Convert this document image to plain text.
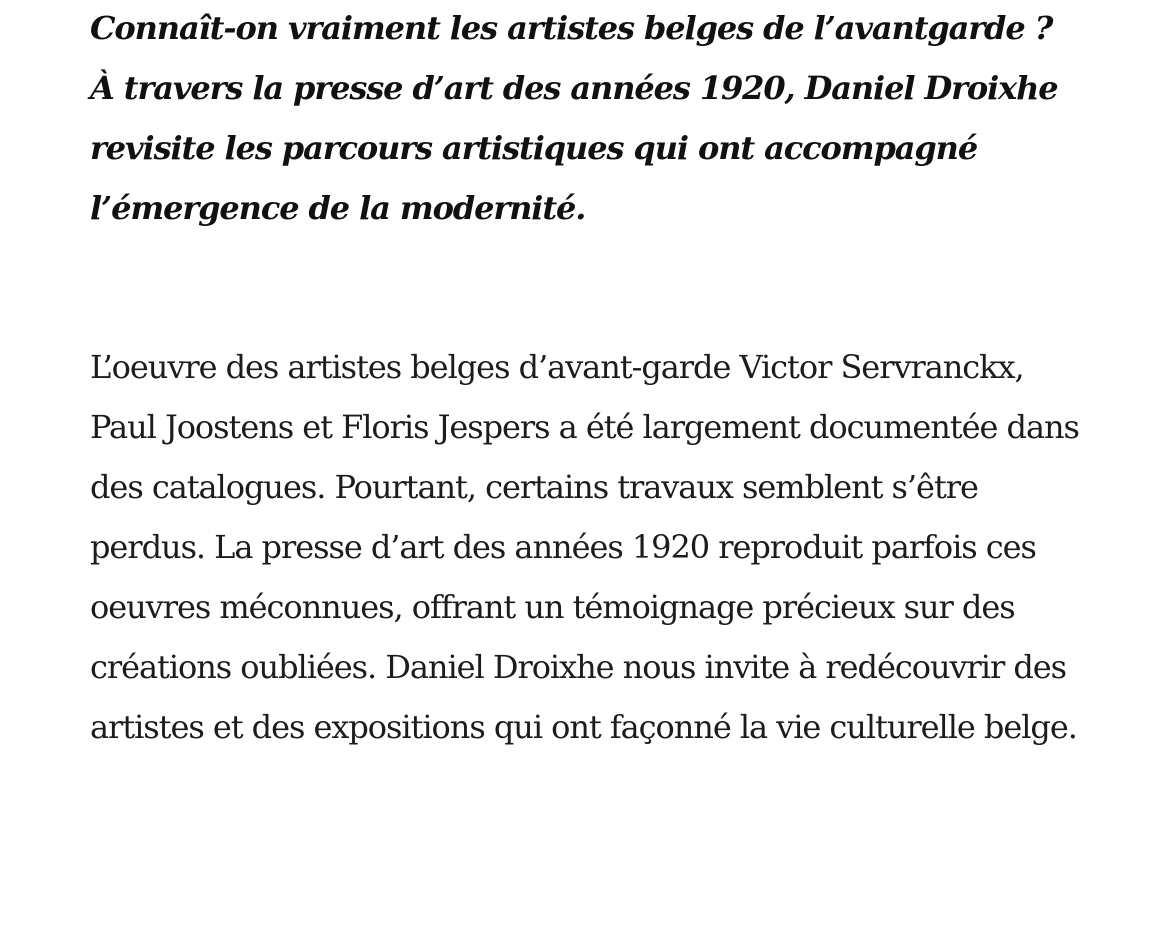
Connaît-on vraiment les artistes belges de l’avantgarde ? À travers la presse d’art des années 1920, Daniel Droixhe revisite les parcours artistiques qui ont accompagné l’émergence de la modernité.

L’oeuvre des artistes belges d’avant-garde Victor Servranckx, Paul Joostens et Floris Jespers a été largement documentée dans des catalogues. Pourtant, certains travaux semblent s’être perdus. La presse d’art des années 1920 reproduit parfois ces oeuvres méconnues, offrant un témoignage précieux sur des créations oubliées. Daniel Droixhe nous invite à redécouvrir des artistes et des expositions qui ont façonné la vie culturelle belge.
